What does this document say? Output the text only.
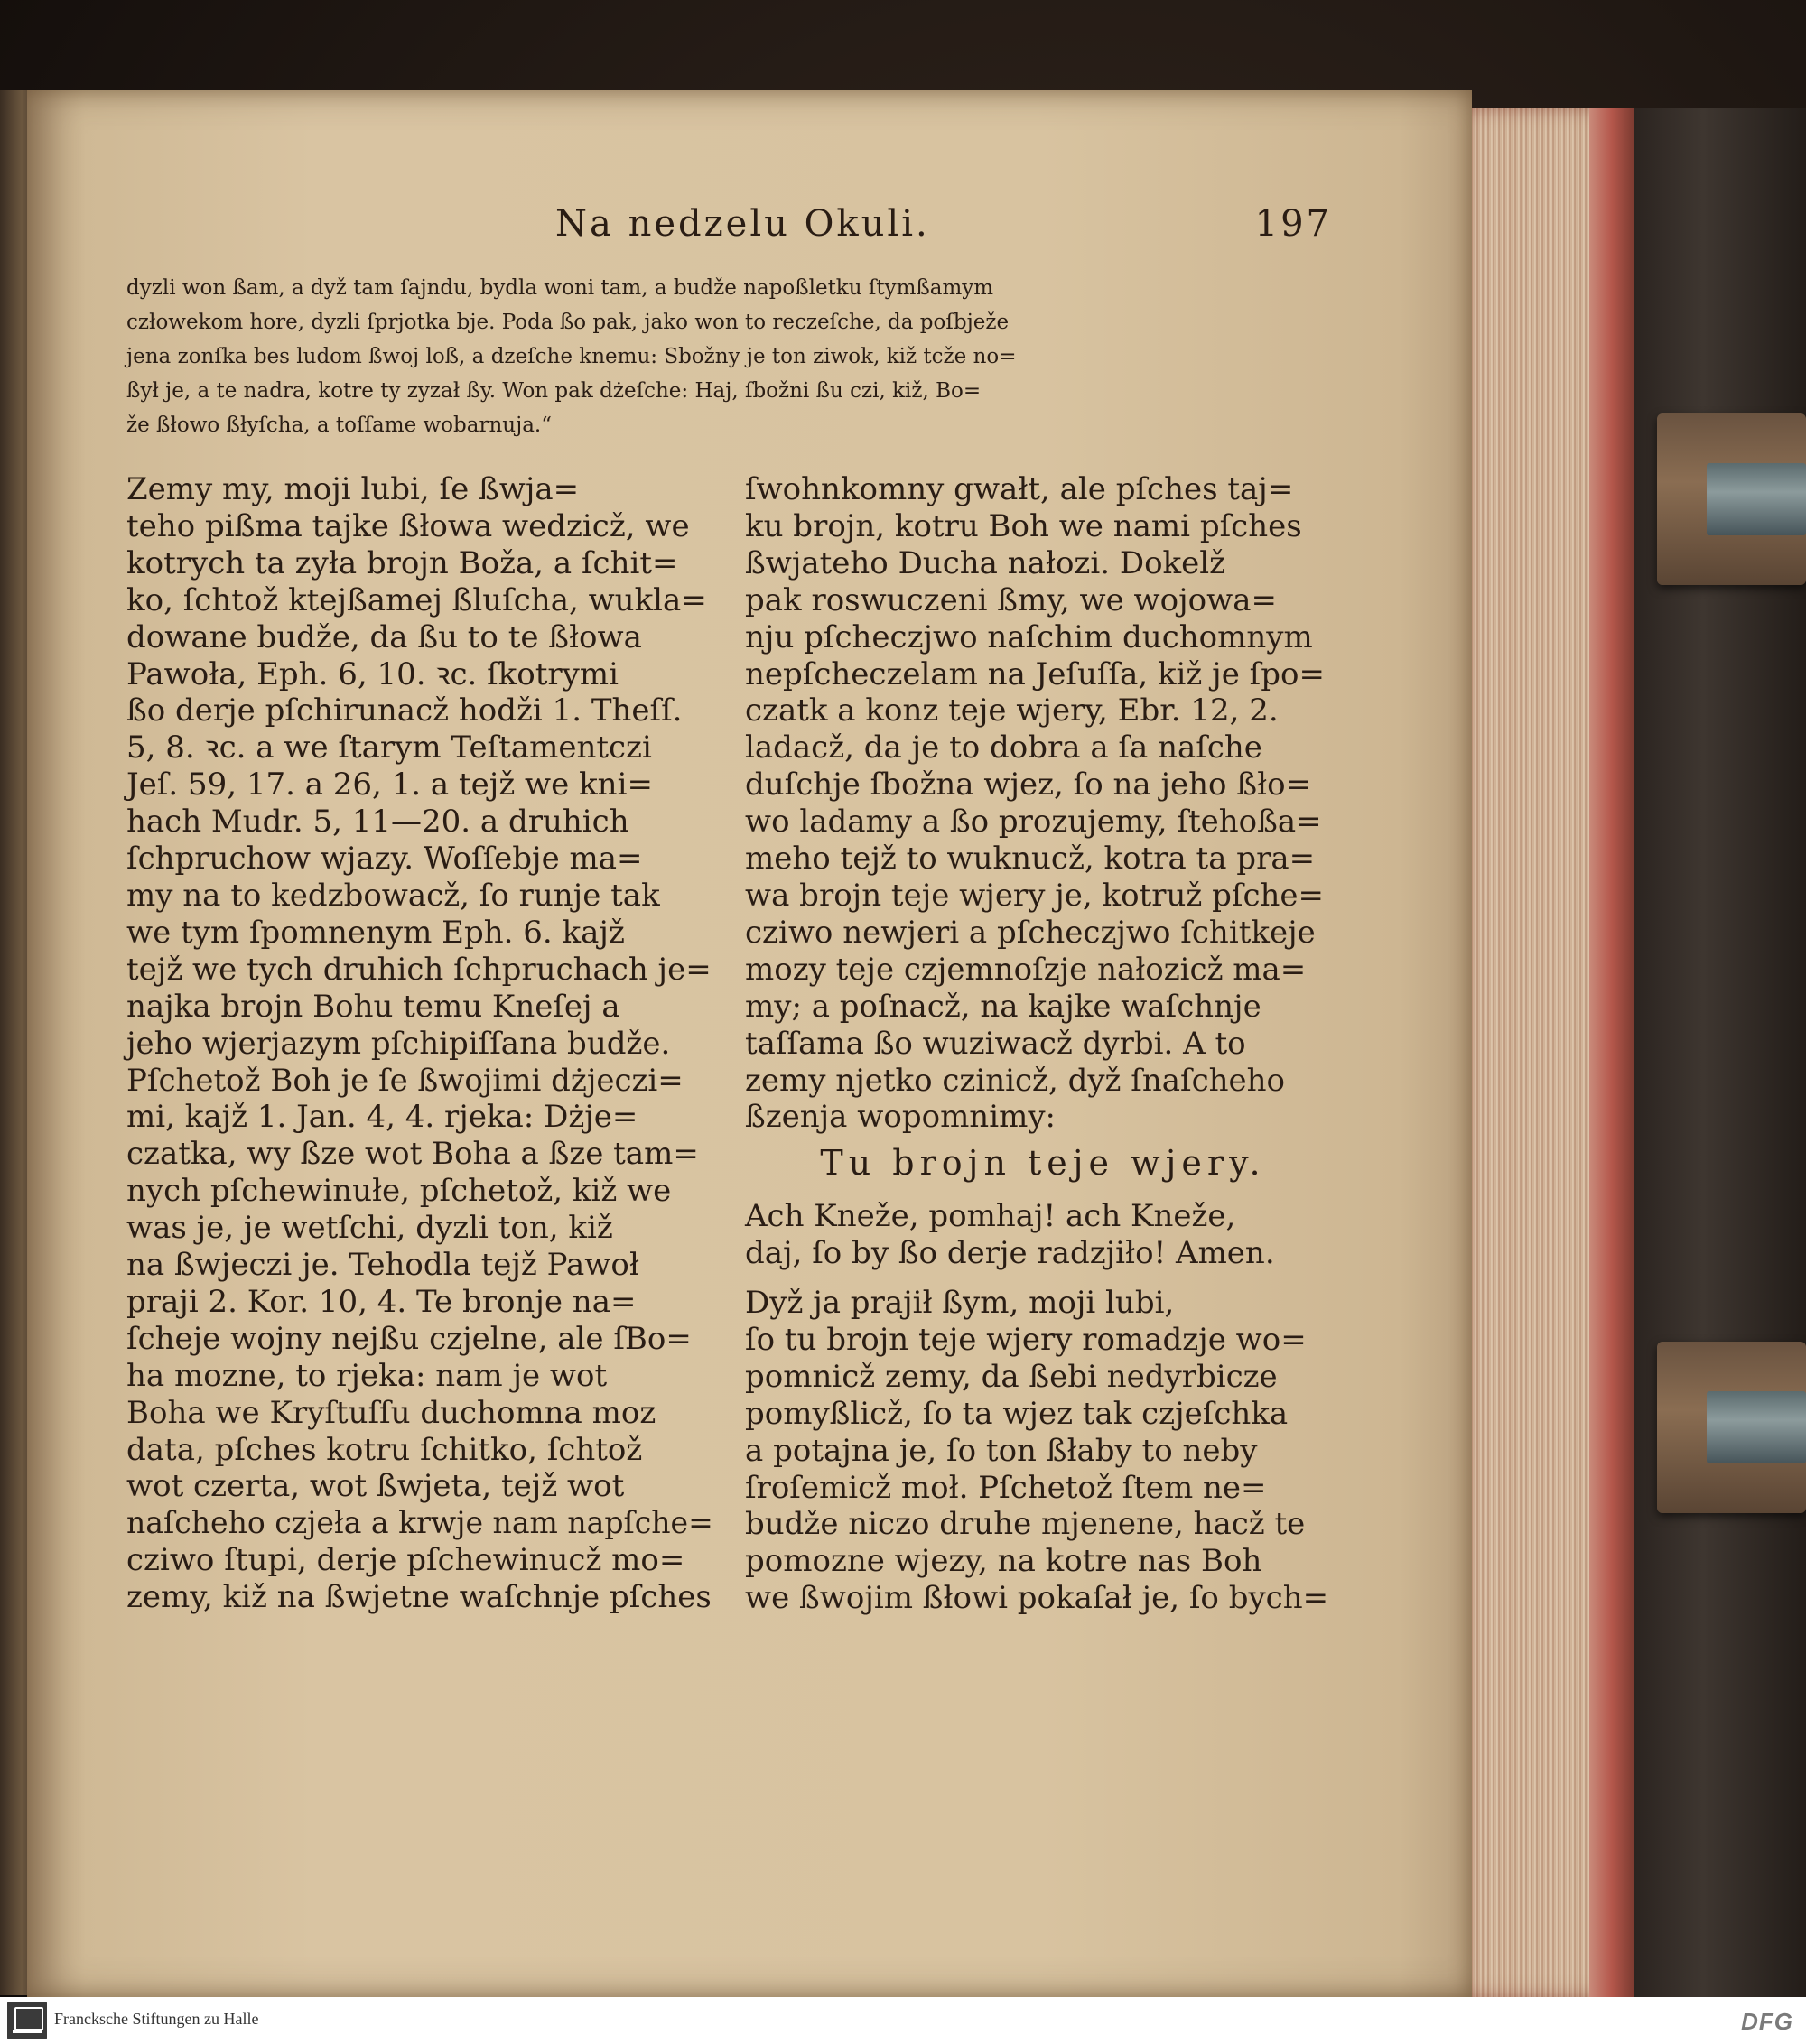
Na nedzelu Okuli.	197

dyzli won ßam, a dyž tam ſajndu, bydla woni tam, a budže napoßletku ſtymßamym

człowekom hore, dyzli ſprjotka bje. Poda ßo pak, jako won to reczeſche, da poſbježe

jena zonſka bes ludom ßwoj loß, a dzeſche knemu: Sbožny je ton ziwok, kiž tcže no=

ßył je, a te nadra, kotre ty zyzał ßy. Won pak dżeſche: Haj, ſbožni ßu czi, kiž, Bo=

že ßłowo ßłyſcha, a toſſame wobarnuja.“

Zemy my, moji lubi, ſe ßwja=

teho pißma tajke ßłowa wedzicž, we

kotrych ta zyła brojn Boža, a ſchit=

ko, ſchtož ktejßamej ßluſcha, wukla=

dowane budže, da ßu to te ßłowa

Pawoła, Eph. 6, 10. ꝛc. ſkotrymi

ßo derje pſchirunacž hodži 1. Theſſ.

5, 8. ꝛc. a we ſtarym Teſtamentczi

Jeſ. 59, 17. a 26, 1. a tejž we kni=

hach Mudr. 5, 11—20. a druhich

ſchpruchow wjazy. Woſſebje ma=

my na to kedzbowacž, ſo runje tak

we tym ſpomnenym Eph. 6. kajž

tejž we tych druhich ſchpruchach je=

najka brojn Bohu temu Kneſej a

jeho wjerjazym pſchipiſſana budže.

Pſchetož Boh je ſe ßwojimi dżjeczi=

mi, kajž 1. Jan. 4, 4. rjeka: Dżje=

czatka, wy ßze wot Boha a ßze tam=

nych pſchewinułe, pſchetož, kiž we

was je, je wetſchi, dyzli ton, kiž

na ßwjeczi je. Tehodla tejž Pawoł

praji 2. Kor. 10, 4. Te bronje na=

ſcheje wojny nejßu czjelne, ale ſBo=

ha mozne, to rjeka: nam je wot

Boha we Kryſtuſſu duchomna moz

data, pſches kotru ſchitko, ſchtož

wot czerta, wot ßwjeta, tejž wot

naſcheho czjeła a krwje nam napſche=

cziwo ſtupi, derje pſchewinucž mo=

zemy, kiž na ßwjetne waſchnje pſches

ſwohnkomny gwałt, ale pſches taj=

ku brojn, kotru Boh we nami pſches

ßwjateho Ducha nałozi. Dokelž

pak roswuczeni ßmy, we wojowa=

nju pſcheczjwo naſchim duchomnym

nepſcheczelam na Jeſuſſa, kiž je ſpo=

czatk a konz teje wjery, Ebr. 12, 2.

ladacž, da je to dobra a ſa naſche

duſchje ſbožna wjez, ſo na jeho ßło=

wo ladamy a ßo prozujemy, ſtehoßa=

meho tejž to wuknucž, kotra ta pra=

wa brojn teje wjery je, kotruž pſche=

cziwo newjeri a pſcheczjwo ſchitkeje

mozy teje czjemnoſzje nałozicž ma=

my; a poſnacž, na kajke waſchnje

taſſama ßo wuziwacž dyrbi. A to

zemy njetko czinicž, dyž ſnaſcheho

ßzenja wopomnimy:

Tu brojn teje wjery.

Ach Kneže, pomhaj! ach Kneže,

daj, ſo by ßo derje radzjiło! Amen.

Dyž ja prajił ßym, moji lubi,

ſo tu brojn teje wjery romadzje wo=

pomnicž zemy, da ßebi nedyrbicze

pomyßlicž, ſo ta wjez tak czjeſchka

a potajna je, ſo ton ßłaby to neby

ſroſemicž moł. Pſchetož ſtem ne=

budže niczo druhe mjenene, hacž te

pomozne wjezy, na kotre nas Boh

we ßwojim ßłowi pokaſał je, ſo bych=

Francksche Stiftungen zu Halle	DFG
